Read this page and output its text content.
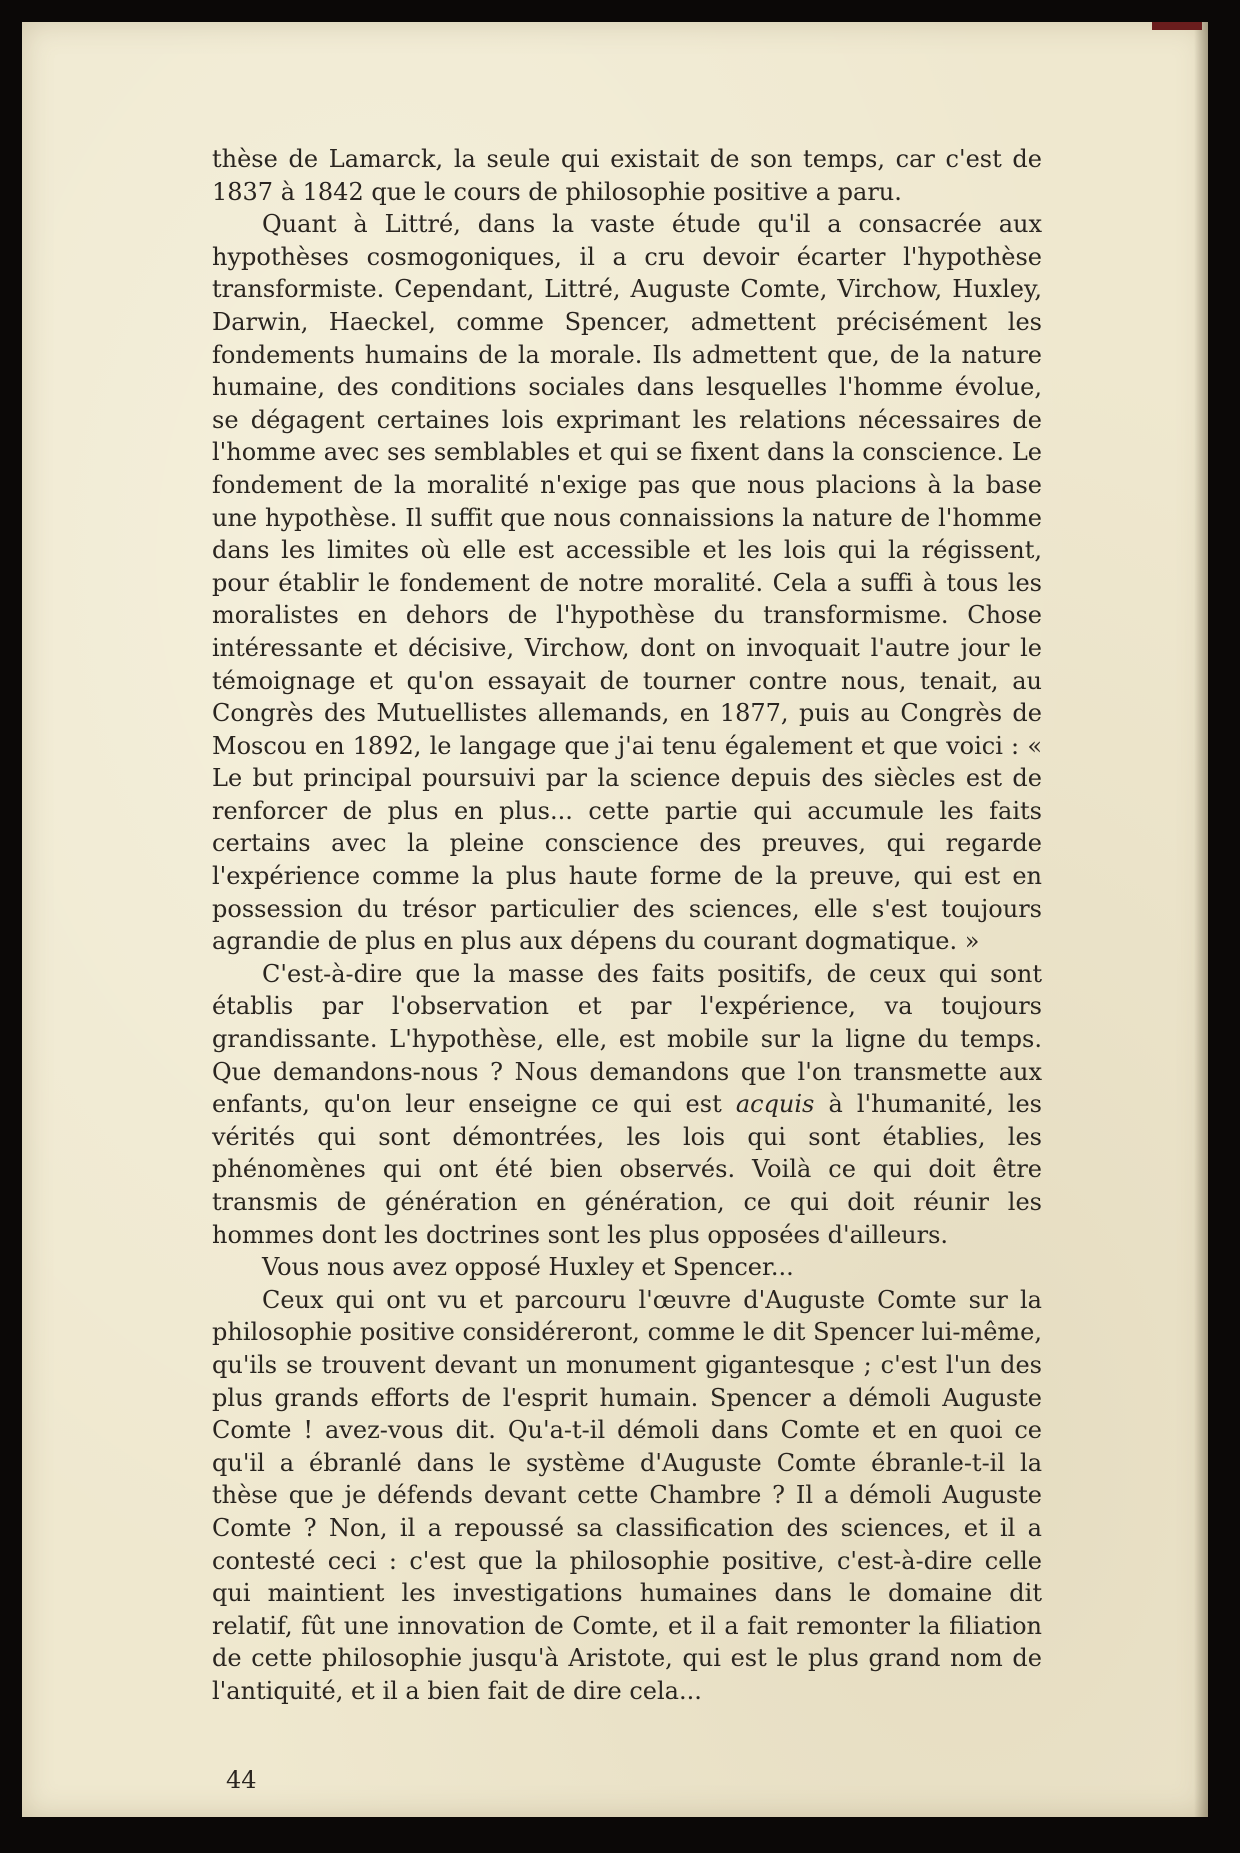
thèse de Lamarck, la seule qui existait de son temps, car c'est de 1837 à 1842 que le cours de philosophie positive a paru.

Quant à Littré, dans la vaste étude qu'il a consacrée aux hypothèses cosmogoniques, il a cru devoir écarter l'hypothèse transformiste. Cependant, Littré, Auguste Comte, Virchow, Huxley, Darwin, Haeckel, comme Spencer, admettent précisément les fondements humains de la morale. Ils admettent que, de la nature humaine, des conditions sociales dans lesquelles l'homme évolue, se dégagent certaines lois exprimant les relations nécessaires de l'homme avec ses semblables et qui se fixent dans la conscience. Le fondement de la moralité n'exige pas que nous placions à la base une hypothèse. Il suffit que nous connaissions la nature de l'homme dans les limites où elle est accessible et les lois qui la régissent, pour établir le fondement de notre moralité. Cela a suffi à tous les moralistes en dehors de l'hypothèse du transformisme. Chose intéressante et décisive, Virchow, dont on invoquait l'autre jour le témoignage et qu'on essayait de tourner contre nous, tenait, au Congrès des Mutuellistes allemands, en 1877, puis au Congrès de Moscou en 1892, le langage que j'ai tenu également et que voici : « Le but principal poursuivi par la science depuis des siècles est de renforcer de plus en plus... cette partie qui accumule les faits certains avec la pleine conscience des preuves, qui regarde l'expérience comme la plus haute forme de la preuve, qui est en possession du trésor particulier des sciences, elle s'est toujours agrandie de plus en plus aux dépens du courant dogmatique. »

C'est-à-dire que la masse des faits positifs, de ceux qui sont établis par l'observation et par l'expérience, va toujours grandissante. L'hypothèse, elle, est mobile sur la ligne du temps. Que demandons-nous ? Nous demandons que l'on transmette aux enfants, qu'on leur enseigne ce qui est acquis à l'humanité, les vérités qui sont démontrées, les lois qui sont établies, les phénomènes qui ont été bien observés. Voilà ce qui doit être transmis de génération en génération, ce qui doit réunir les hommes dont les doctrines sont les plus opposées d'ailleurs.

Vous nous avez opposé Huxley et Spencer...

Ceux qui ont vu et parcouru l'œuvre d'Auguste Comte sur la philosophie positive considéreront, comme le dit Spencer lui-même, qu'ils se trouvent devant un monument gigantesque ; c'est l'un des plus grands efforts de l'esprit humain. Spencer a démoli Auguste Comte ! avez-vous dit. Qu'a-t-il démoli dans Comte et en quoi ce qu'il a ébranlé dans le système d'Auguste Comte ébranle-t-il la thèse que je défends devant cette Chambre ? Il a démoli Auguste Comte ? Non, il a repoussé sa classification des sciences, et il a contesté ceci : c'est que la philosophie positive, c'est-à-dire celle qui maintient les investigations humaines dans le domaine dit relatif, fût une innovation de Comte, et il a fait remonter la filiation de cette philosophie jusqu'à Aristote, qui est le plus grand nom de l'antiquité, et il a bien fait de dire cela...

44
